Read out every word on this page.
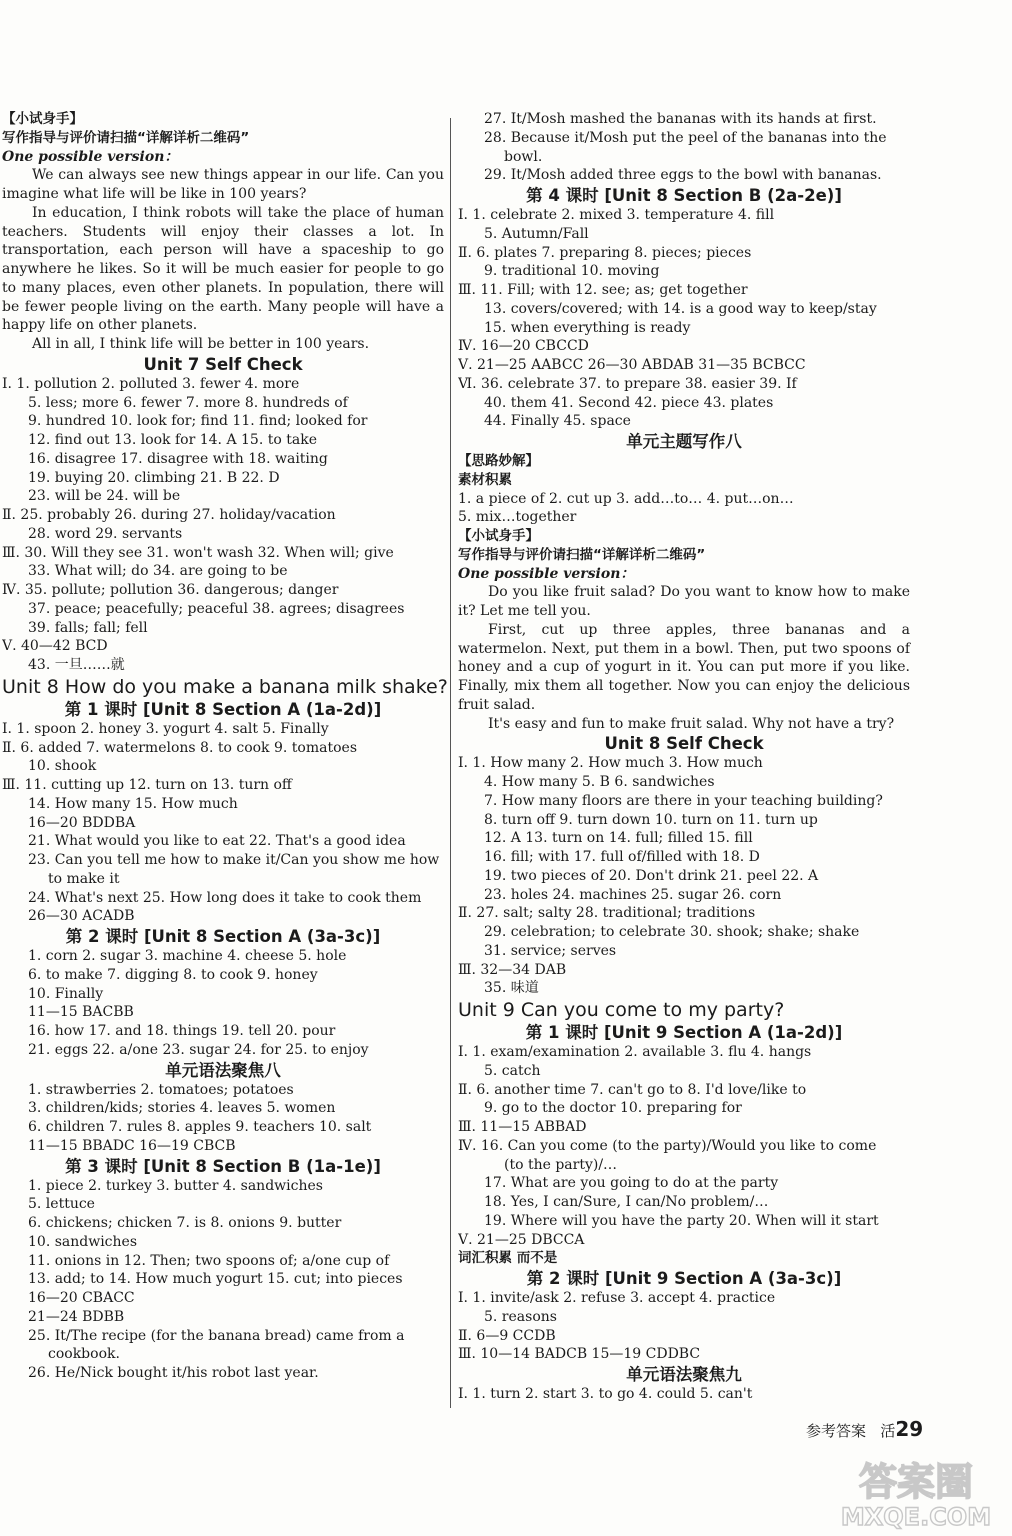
【小试身手】
写作指导与评价请扫描“详解详析二维码”
One possible version：
We can always see new things appear in our life. Can you imagine what life will be like in 100 years?
In education, I think robots will take the place of human teachers. Students will enjoy their classes a lot. In transportation, each person will have a spaceship to go anywhere he likes. So it will be much easier for people to go to many places, even other planets. In population, there will be fewer people living on the earth. Many people will have a happy life on other planets.
All in all, I think life will be better in 100 years.
Unit 7 Self Check
Ⅰ. 1. pollution 2. polluted 3. fewer 4. more
5. less; more 6. fewer 7. more 8. hundreds of
9. hundred 10. look for; find 11. find; looked for
12. find out 13. look for 14. A 15. to take
16. disagree 17. disagree with 18. waiting
19. buying 20. climbing 21. B 22. D
23. will be 24. will be
Ⅱ. 25. probably 26. during 27. holiday/vacation
28. word 29. servants
Ⅲ. 30. Will they see 31. won't wash 32. When will; give
33. What will; do 34. are going to be
Ⅳ. 35. pollute; pollution 36. dangerous; danger
37. peace; peacefully; peaceful 38. agrees; disagrees
39. falls; fall; fell
Ⅴ. 40—42 BCD
43. 一旦……就
Unit 8 How do you make a banana milk shake?
第 1 课时 [Unit 8 Section A (1a-2d)]
Ⅰ. 1. spoon 2. honey 3. yogurt 4. salt 5. Finally
Ⅱ. 6. added 7. watermelons 8. to cook 9. tomatoes
10. shook
Ⅲ. 11. cutting up 12. turn on 13. turn off
14. How many 15. How much
16—20 BDDBA
21. What would you like to eat 22. That's a good idea
23. Can you tell me how to make it/Can you show me how
to make it
24. What's next 25. How long does it take to cook them
26—30 ACADB
第 2 课时 [Unit 8 Section A (3a-3c)]
1. corn 2. sugar 3. machine 4. cheese 5. hole
6. to make 7. digging 8. to cook 9. honey
10. Finally
11—15 BACBB
16. how 17. and 18. things 19. tell 20. pour
21. eggs 22. a/one 23. sugar 24. for 25. to enjoy
单元语法聚焦八
1. strawberries 2. tomatoes; potatoes
3. children/kids; stories 4. leaves 5. women
6. children 7. rules 8. apples 9. teachers 10. salt
11—15 BBADC 16—19 CBCB
第 3 课时 [Unit 8 Section B (1a-1e)]
1. piece 2. turkey 3. butter 4. sandwiches
5. lettuce
6. chickens; chicken 7. is 8. onions 9. butter
10. sandwiches
11. onions in 12. Then; two spoons of; a/one cup of
13. add; to 14. How much yogurt 15. cut; into pieces
16—20 CBACC
21—24 BDBB
25. It/The recipe (for the banana bread) came from a
cookbook.
26. He/Nick bought it/his robot last year.
27. It/Mosh mashed the bananas with its hands at first.
28. Because it/Mosh put the peel of the bananas into the
bowl.
29. It/Mosh added three eggs to the bowl with bananas.
第 4 课时 [Unit 8 Section B (2a-2e)]
Ⅰ. 1. celebrate 2. mixed 3. temperature 4. fill
5. Autumn/Fall
Ⅱ. 6. plates 7. preparing 8. pieces; pieces
9. traditional 10. moving
Ⅲ. 11. Fill; with 12. see; as; get together
13. covers/covered; with 14. is a good way to keep/stay
15. when everything is ready
Ⅳ. 16—20 CBCCD
Ⅴ. 21—25 AABCC 26—30 ABDAB 31—35 BCBCC
Ⅵ. 36. celebrate 37. to prepare 38. easier 39. If
40. them 41. Second 42. piece 43. plates
44. Finally 45. space
单元主题写作八
【思路妙解】
素材积累
1. a piece of 2. cut up 3. add…to… 4. put…on…
5. mix…together
【小试身手】
写作指导与评价请扫描“详解详析二维码”
One possible version：
Do you like fruit salad? Do you want to know how to make it? Let me tell you.
First, cut up three apples, three bananas and a watermelon. Next, put them in a bowl. Then, put two spoons of honey and a cup of yogurt in it. You can put more if you like. Finally, mix them all together. Now you can enjoy the delicious fruit salad.
It's easy and fun to make fruit salad. Why not have a try?
Unit 8 Self Check
Ⅰ. 1. How many 2. How much 3. How much
4. How many 5. B 6. sandwiches
7. How many floors are there in your teaching building?
8. turn off 9. turn down 10. turn on 11. turn up
12. A 13. turn on 14. full; filled 15. fill
16. fill; with 17. full of/filled with 18. D
19. two pieces of 20. Don't drink 21. peel 22. A
23. holes 24. machines 25. sugar 26. corn
Ⅱ. 27. salt; salty 28. traditional; traditions
29. celebration; to celebrate 30. shook; shake; shake
31. service; serves
Ⅲ. 32—34 DAB
35. 味道
Unit 9 Can you come to my party?
第 1 课时 [Unit 9 Section A (1a-2d)]
Ⅰ. 1. exam/examination 2. available 3. flu 4. hangs
5. catch
Ⅱ. 6. another time 7. can't go to 8. I'd love/like to
9. go to the doctor 10. preparing for
Ⅲ. 11—15 ABBAD
Ⅳ. 16. Can you come (to the party)/Would you like to come
(to the party)/…
17. What are you going to do at the party
18. Yes, I can/Sure, I can/No problem/…
19. Where will you have the party 20. When will it start
Ⅴ. 21—25 DBCCA
词汇积累 而不是
第 2 课时 [Unit 9 Section A (3a-3c)]
Ⅰ. 1. invite/ask 2. refuse 3. accept 4. practice
5. reasons
Ⅱ. 6—9 CCDB
Ⅲ. 10—14 BADCB 15—19 CDDBC
单元语法聚焦九
Ⅰ. 1. turn 2. start 3. to go 4. could 5. can't
参考答案 活29
答案圈
MXQE.COM
